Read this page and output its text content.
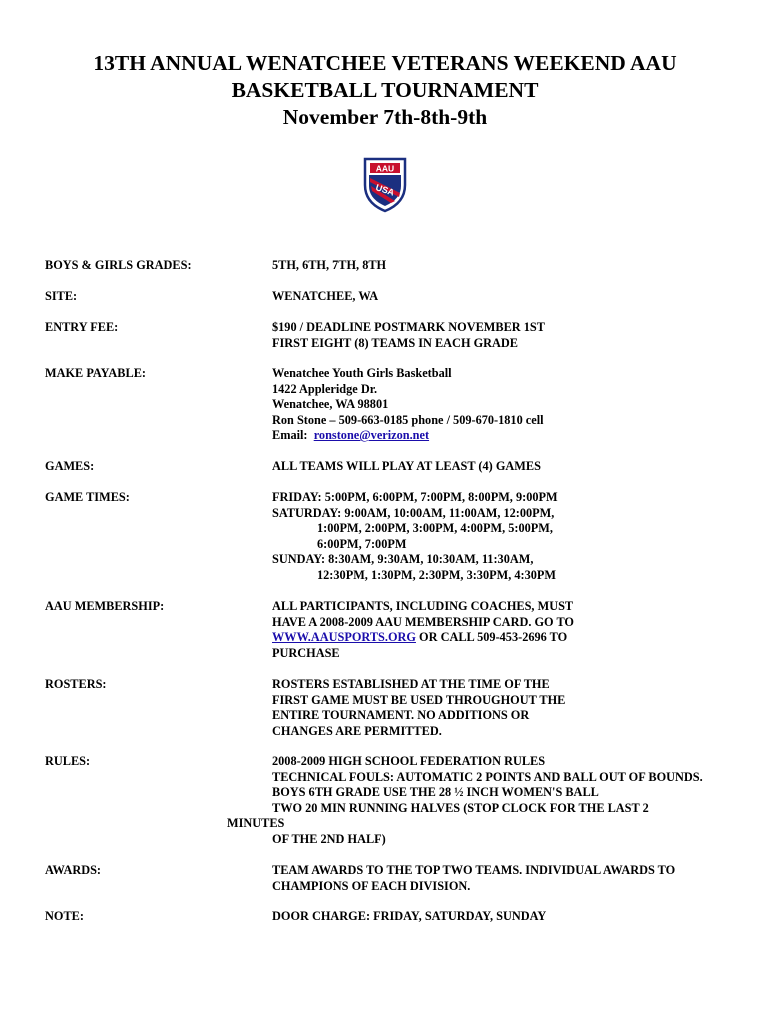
13TH ANNUAL WENATCHEE VETERANS WEEKEND AAU
BASKETBALL TOURNAMENT
November 7th-8th-9th
AAU
USA
BOYS & GIRLS GRADES:	5TH, 6TH, 7TH, 8TH
SITE:	WENATCHEE, WA
ENTRY FEE:	$190 / DEADLINE POSTMARK NOVEMBER 1ST
FIRST EIGHT (8) TEAMS IN EACH GRADE
MAKE PAYABLE:	Wenatchee Youth Girls Basketball
1422 Appleridge Dr.
Wenatchee, WA 98801
Ron Stone – 509-663-0185 phone / 509-670-1810 cell
Email: ronstone@verizon.net
GAMES:	ALL TEAMS WILL PLAY AT LEAST (4) GAMES
GAME TIMES:	FRIDAY: 5:00PM, 6:00PM, 7:00PM, 8:00PM, 9:00PM
SATURDAY: 9:00AM, 10:00AM, 11:00AM, 12:00PM,
1:00PM, 2:00PM, 3:00PM, 4:00PM, 5:00PM,
6:00PM, 7:00PM
SUNDAY: 8:30AM, 9:30AM, 10:30AM, 11:30AM,
12:30PM, 1:30PM, 2:30PM, 3:30PM, 4:30PM
AAU MEMBERSHIP:	ALL PARTICIPANTS, INCLUDING COACHES, MUST
HAVE A 2008-2009 AAU MEMBERSHIP CARD. GO TO
WWW.AAUSPORTS.ORG OR CALL 509-453-2696 TO
PURCHASE
ROSTERS:	ROSTERS ESTABLISHED AT THE TIME OF THE
FIRST GAME MUST BE USED THROUGHOUT THE
ENTIRE TOURNAMENT. NO ADDITIONS OR
CHANGES ARE PERMITTED.
RULES:	2008-2009 HIGH SCHOOL FEDERATION RULES
TECHNICAL FOULS: AUTOMATIC 2 POINTS AND BALL OUT OF BOUNDS.
BOYS 6TH GRADE USE THE 28 ½ INCH WOMEN'S BALL
TWO 20 MIN RUNNING HALVES (STOP CLOCK FOR THE LAST 2
MINUTES
OF THE 2ND HALF)
AWARDS:	TEAM AWARDS TO THE TOP TWO TEAMS. INDIVIDUAL AWARDS TO
CHAMPIONS OF EACH DIVISION.
NOTE:	DOOR CHARGE: FRIDAY, SATURDAY, SUNDAY
